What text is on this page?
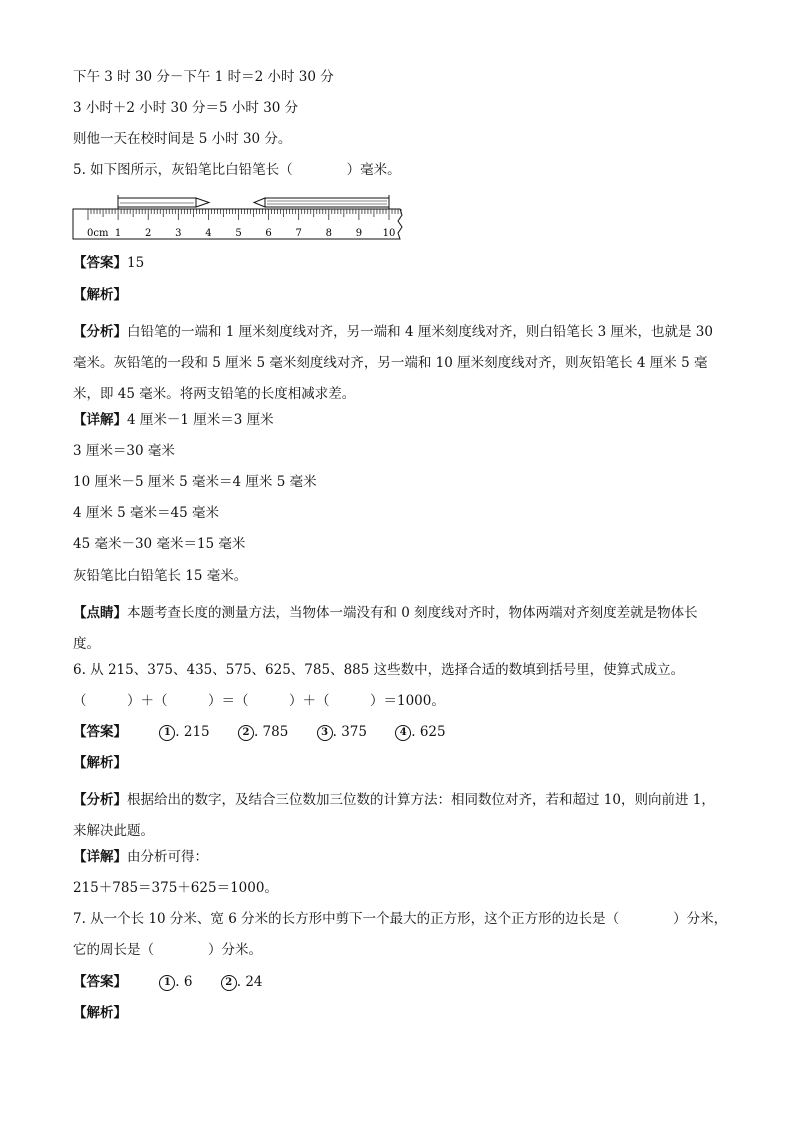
下午 3 时 30 分－下午 1 时＝2 小时 30 分
3 小时＋2 小时 30 分＝5 小时 30 分
则他一天在校时间是 5 小时 30 分。
5. 如下图所示，灰铅笔比白铅笔长（　　　　）毫米。
0cm 1 2 3 4 5 6 7 8 9 10
【答案】15
【解析】
【分析】白铅笔的一端和 1 厘米刻度线对齐，另一端和 4 厘米刻度线对齐，则白铅笔长 3 厘米，也就是 30 毫米。灰铅笔的一段和 5 厘米 5 毫米刻度线对齐，另一端和 10 厘米刻度线对齐，则灰铅笔长 4 厘米 5 毫米，即 45 毫米。将两支铅笔的长度相减求差。
【详解】4 厘米－1 厘米＝3 厘米
3 厘米＝30 毫米
10 厘米－5 厘米 5 毫米＝4 厘米 5 毫米
4 厘米 5 毫米＝45 毫米
45 毫米－30 毫米＝15 毫米
灰铅笔比白铅笔长 15 毫米。
【点睛】本题考查长度的测量方法，当物体一端没有和 0 刻度线对齐时，物体两端对齐刻度差就是物体长度。
6. 从 215、375、435、575、625、785、885 这些数中，选择合适的数填到括号里，使算式成立。
（　　　）＋（　　　）＝（　　　）＋（　　　）＝1000。
【答案】	1 . 215	2 . 785	3 . 375	4 . 625
【解析】
【分析】根据给出的数字，及结合三位数加三位数的计算方法：相同数位对齐，若和超过 10，则向前进 1，来解决此题。
【详解】由分析可得：
215＋785＝375＋625＝1000。
7. 从一个长 10 分米、宽 6 分米的长方形中剪下一个最大的正方形，这个正方形的边长是（　　　　）分米，
它的周长是（　　　　）分米。
【答案】	1 . 6	2 . 24
【解析】
